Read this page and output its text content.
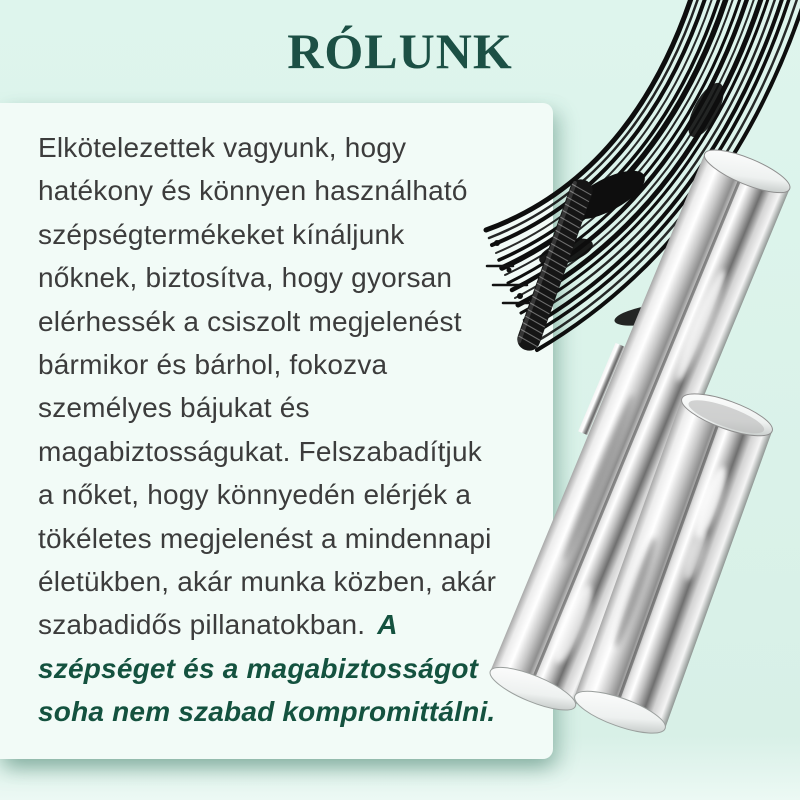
RÓLUNK
Elkötelezettek vagyunk, hogy
hatékony és könnyen használható
szépségtermékeket kínáljunk
nőknek, biztosítva, hogy gyorsan
elérhessék a csiszolt megjelenést
bármikor és bárhol, fokozva
személyes bájukat és
magabiztosságukat. Felszabadítjuk
a nőket, hogy könnyedén elérjék a
tökéletes megjelenést a mindennapi
életükben, akár munka közben, akár
szabadidős pillanatokban. A
szépséget és a magabiztosságot
soha nem szabad kompromittálni.
